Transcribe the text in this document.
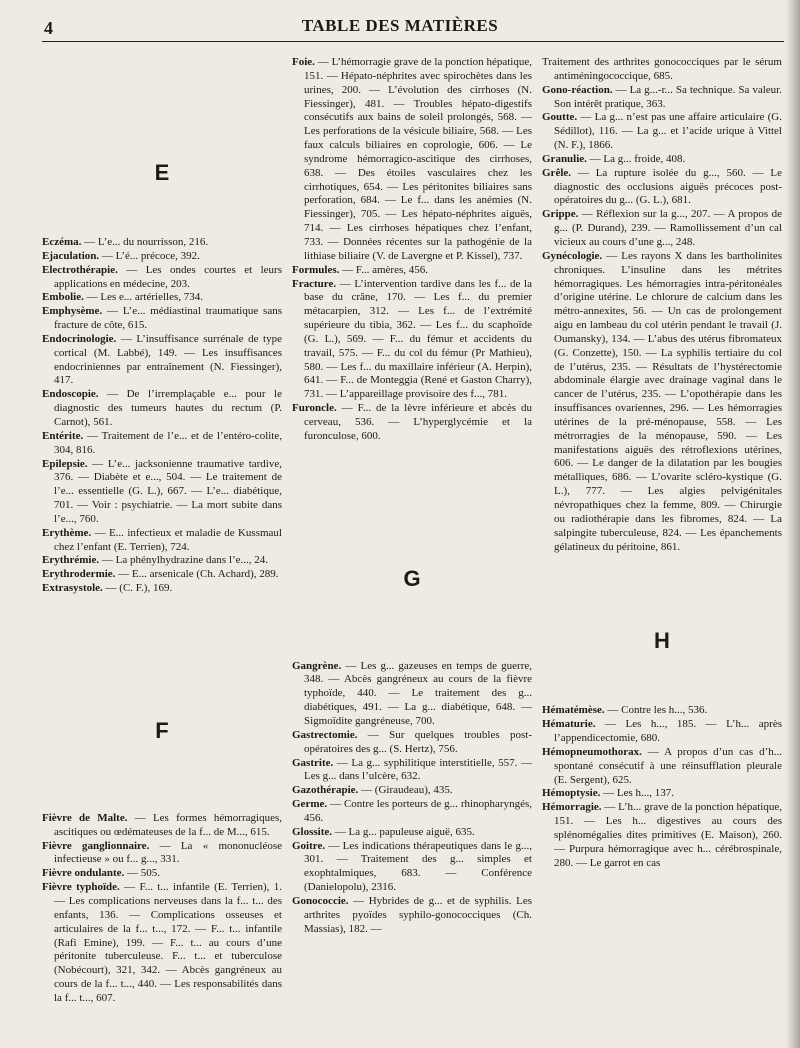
4	TABLE DES MATIÈRES
E
Eczéma. — L’e... du nourrisson, 216.
Ejaculation. — L’é... précoce, 392.
Electrothérapie. — Les ondes courtes et leurs applications en médecine, 203.
Embolie. — Les e... artérielles, 734.
Emphysème. — L’e... médiastinal traumatique sans fracture de côte, 615.
Endocrinologie. — L’insuffisance surrénale de type cortical (M. Labbé), 149. — Les insuffisances endocriniennes par entraînement (N. Fiessinger), 417.
Endoscopie. — De l’irremplaçable e... pour le diagnostic des tumeurs hautes du rectum (P. Carnot), 561.
Entérite. — Traitement de l’e... et de l’entéro-colite, 304, 816.
Epilepsie. — L’e... jacksonienne traumative tardive, 376. — Diabète et e..., 504. — Le traitement de l’e... essentielle (G. L.), 667. — L’e... diabétique, 701. — Voir : psychiatrie. — La mort subite dans l’e..., 760.
Erythème. — E... infectieux et maladie de Kussmaul chez l’enfant (E. Terrien), 724.
Erythrémie. — La phénylhydrazine dans l’e..., 24.
Erythrodermie. — E... arsenicale (Ch. Achard), 289.
Extrasystole. — (C. F.), 169.
F
Fièvre de Malte. — Les formes hémorragiques, ascitiques ou œdémateuses de la f... de M..., 615.
Fièvre ganglionnaire. — La « mononucléose infectieuse » ou f... g..., 331.
Fièvre ondulante. — 505.
Fièvre typhoïde. — F... t... infantile (E. Terrien), 1. — Les complications nerveuses dans la f... t... des enfants, 136. — Complications osseuses et articulaires de la f... t..., 172. — F... t... infantile (Rafi Emine), 199. — F... t... au cours d’une péritonite tuberculeuse. F... t... et tuberculose (Nobécourt), 321, 342. — Abcès gangréneux au cours de la f... t..., 440. — Les responsabilités dans la f... t..., 607.
Foie. — L’hémorragie grave de la ponction hépatique, 151. — Hépato-néphrites avec spirochètes dans les urines, 200. — L’évolution des cirrhoses (N. Fiessinger), 481. — Troubles hépato-digestifs consécutifs aux bains de soleil prolongés, 568. — Les perforations de la vésicule biliaire, 568. — Les faux calculs biliaires en coprologie, 606. — Le syndrome hémorragico-ascitique des cirrhoses, 638. — Des étoiles vasculaires chez les cirrhotiques, 654. — Les péritonites biliaires sans perforation, 684. — Le f... dans les anémies (N. Fiessinger), 705. — Les hépato-néphrites aiguës, 714. — Les cirrhoses hépatiques chez l’enfant, 733. — Données récentes sur la pathogénie de la lithiase biliaire (V. de Lavergne et P. Kissel), 737.
Formules. — F... amères, 456.
Fracture. — L’intervention tardive dans les f... de la base du crâne, 170. — Les f... du premier métacarpien, 312. — Les f... de l’extrémité supérieure du tibia, 362. — Les f... du scaphoïde (G. L.), 569. — F... du fémur et accidents du travail, 575. — F... du col du fémur (Pr Mathieu), 580. — Les f... du maxillaire inférieur (A. Herpin), 641. — F... de Monteggia (René et Gaston Charry), 731. — L’appareillage provisoire des f..., 781.
Furoncle. — F... de la lèvre inférieure et abcès du cerveau, 536. — L’hyperglycémie et la furonculose, 600.
G
Gangrène. — Les g... gazeuses en temps de guerre, 348. — Abcès gangréneux au cours de la fièvre typhoïde, 440. — Le traitement des g... diabétiques, 491. — La g... diabétique, 648. — Sigmoïdite gangréneuse, 700.
Gastrectomie. — Sur quelques troubles post-opératoires des g... (S. Hertz), 756.
Gastrite. — La g... syphilitique interstitielle, 557. — Les g... dans l’ulcère, 632.
Gazothérapie. — (Giraudeau), 435.
Germe. — Contre les porteurs de g... rhinopharyngés, 456.
Glossite. — La g... papuleuse aiguë, 635.
Goitre. — Les indications thérapeutiques dans le g..., 301. — Traitement des g... simples et exophtalmiques, 683. — Conférence (Danielopolu), 2316.
Gonococcie. — Hybrides de g... et de syphilis. Les arthrites pyoïdes syphilo-gonococciques (Ch. Massias), 182. —
Traitement des arthrites gonococciques par le sérum antiméningococcique, 685.
Gono-réaction. — La g...-r... Sa technique. Sa valeur. Son intérêt pratique, 363.
Goutte. — La g... n’est pas une affaire articulaire (G. Sédillot), 116. — La g... et l’acide urique à Vittel (N. F.), 1866.
Granulie. — La g... froide, 408.
Grêle. — La rupture isolée du g..., 560. — Le diagnostic des occlusions aiguës précoces post-opératoires du g... (G. L.), 681.
Grippe. — Réflexion sur la g..., 207. — A propos de g... (P. Durand), 239. — Ramollissement d’un cal vicieux au cours d’une g..., 248.
Gynécologie. — Les rayons X dans les bartholinites chroniques. L’insuline dans les métrites hémorragiques. Les hémorragies intra-péritonéales d’origine utérine. Le chlorure de calcium dans les métro-annexites, 56. — Un cas de prolongement aigu en lambeau du col utérin pendant le travail (J. Oumansky), 134. — L’abus des utérus fibromateux (G. Conzette), 150. — La syphilis tertiaire du col de l’utérus, 235. — Résultats de l’hystérectomie abdominale élargie avec drainage vaginal dans le cancer de l’utérus, 235. — L’opothérapie dans les insuffisances ovariennes, 296. — Les hémorragies utérines de la pré-ménopause, 558. — Les métrorragies de la ménopause, 590. — Les manifestations aiguës des rétroflexions utérines, 606. — Le danger de la dilatation par les bougies métalliques, 686. — L’ovarite scléro-kystique (G. L.), 777. — Les algies pelvigénitales névropathiques chez la femme, 809. — Chirurgie ou radiothérapie dans les fibromes, 824. — La salpingite tuberculeuse, 824. — Les épanchements gélatineux du péritoine, 861.
H
Hématémèse. — Contre les h..., 536.
Hématurie. — Les h..., 185. — L’h... après l’appendicectomie, 680.
Hémopneumothorax. — A propos d’un cas d’h... spontané consécutif à une réinsufflation pleurale (E. Sergent), 625.
Hémoptysie. — Les h..., 137.
Hémorragie. — L’h... grave de la ponction hépatique, 151. — Les h... digestives au cours des splénomégalies dites primitives (E. Maison), 260. — Purpura hémorragique avec h... cérébrospinale, 280. — Le garrot en cas
